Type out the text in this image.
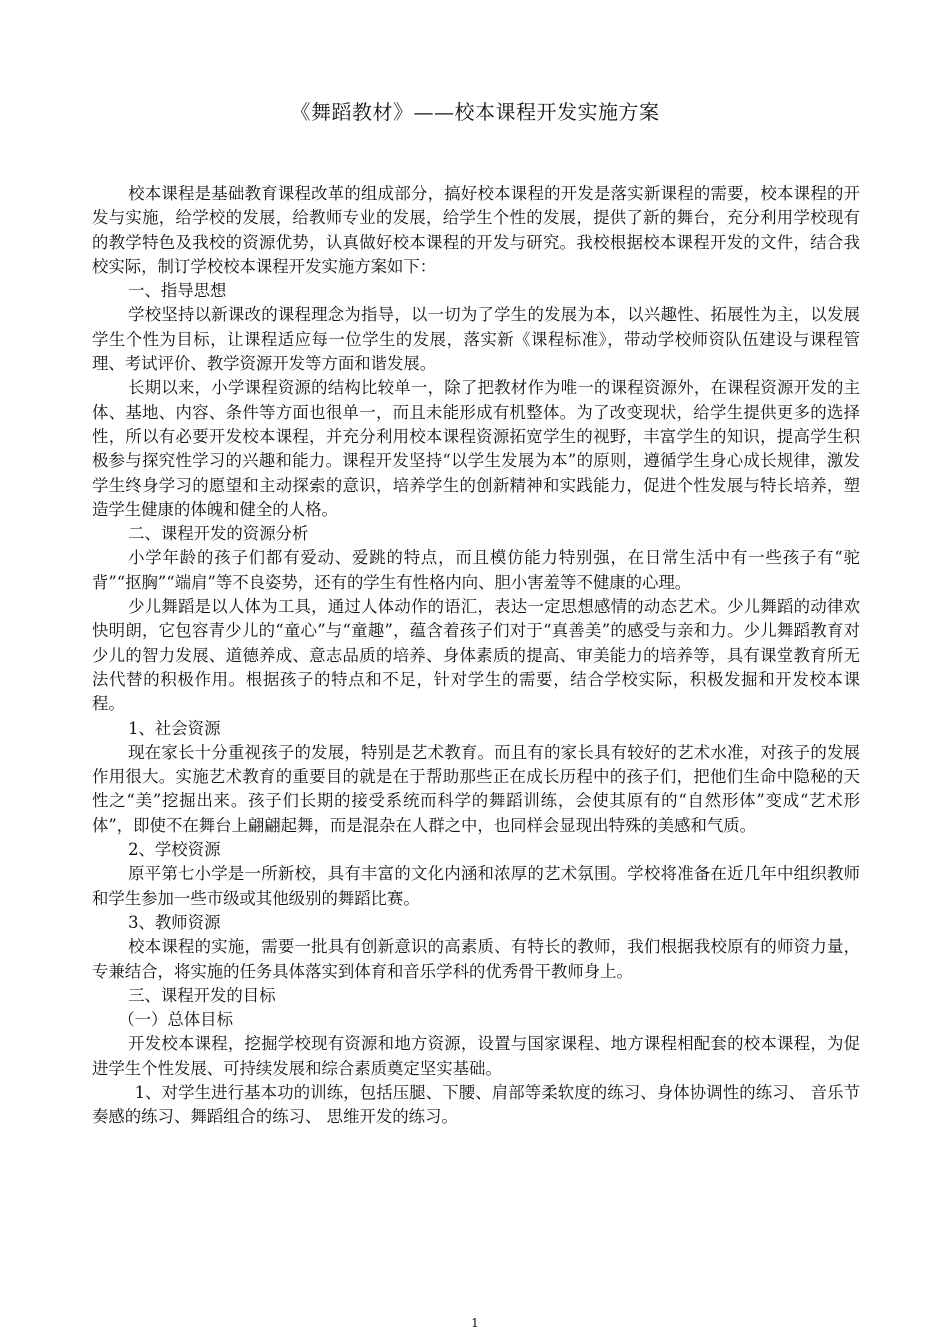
《舞蹈教材》——校本课程开发实施方案

校本课程是基础教育课程改革的组成部分，搞好校本课程的开发是落实新课程的需要，校本课程的开发与实施，给学校的发展，给教师专业的发展，给学生个性的发展，提供了新的舞台，充分利用学校现有的教学特色及我校的资源优势，认真做好校本课程的开发与研究。我校根据校本课程开发的文件，结合我校实际，制订学校校本课程开发实施方案如下：

一、指导思想

学校坚持以新课改的课程理念为指导，以一切为了学生的发展为本，以兴趣性、拓展性为主，以发展学生个性为目标，让课程适应每一位学生的发展，落实新《课程标准》，带动学校师资队伍建设与课程管理、考试评价、教学资源开发等方面和谐发展。

长期以来，小学课程资源的结构比较单一，除了把教材作为唯一的课程资源外，在课程资源开发的主体、基地、内容、条件等方面也很单一，而且未能形成有机整体。为了改变现状，给学生提供更多的选择性，所以有必要开发校本课程，并充分利用校本课程资源拓宽学生的视野，丰富学生的知识，提高学生积极参与探究性学习的兴趣和能力。课程开发坚持“以学生发展为本”的原则，遵循学生身心成长规律，激发学生终身学习的愿望和主动探索的意识，培养学生的创新精神和实践能力，促进个性发展与特长培养，塑造学生健康的体魄和健全的人格。

二、课程开发的资源分析

小学年龄的孩子们都有爱动、爱跳的特点，而且模仿能力特别强，在日常生活中有一些孩子有“驼背”“抠胸”“端肩”等不良姿势，还有的学生有性格内向、胆小害羞等不健康的心理。

少儿舞蹈是以人体为工具，通过人体动作的语汇，表达一定思想感情的动态艺术。少儿舞蹈的动律欢快明朗，它包容青少儿的“童心”与“童趣”，蕴含着孩子们对于“真善美”的感受与亲和力。少儿舞蹈教育对少儿的智力发展、道德养成、意志品质的培养、身体素质的提高、审美能力的培养等，具有课堂教育所无法代替的积极作用。根据孩子的特点和不足，针对学生的需要，结合学校实际，积极发掘和开发校本课程。

1、社会资源

现在家长十分重视孩子的发展，特别是艺术教育。而且有的家长具有较好的艺术水准，对孩子的发展作用很大。实施艺术教育的重要目的就是在于帮助那些正在成长历程中的孩子们，把他们生命中隐秘的天性之“美”挖掘出来。孩子们长期的接受系统而科学的舞蹈训练，会使其原有的“自然形体”变成“艺术形体”，即使不在舞台上翩翩起舞，而是混杂在人群之中，也同样会显现出特殊的美感和气质。

2、学校资源

原平第七小学是一所新校，具有丰富的文化内涵和浓厚的艺术氛围。学校将准备在近几年中组织教师和学生参加一些市级或其他级别的舞蹈比赛。

3、教师资源

校本课程的实施，需要一批具有创新意识的高素质、有特长的教师，我们根据我校原有的师资力量，专兼结合，将实施的任务具体落实到体育和音乐学科的优秀骨干教师身上。

三、课程开发的目标

（一）总体目标

开发校本课程，挖掘学校现有资源和地方资源，设置与国家课程、地方课程相配套的校本课程，为促进学生个性发展、可持续发展和综合素质奠定坚实基础。

1、对学生进行基本功的训练，包括压腿、下腰、肩部等柔软度的练习、身体协调性的练习、 音乐节奏感的练习、舞蹈组合的练习、 思维开发的练习。

1
